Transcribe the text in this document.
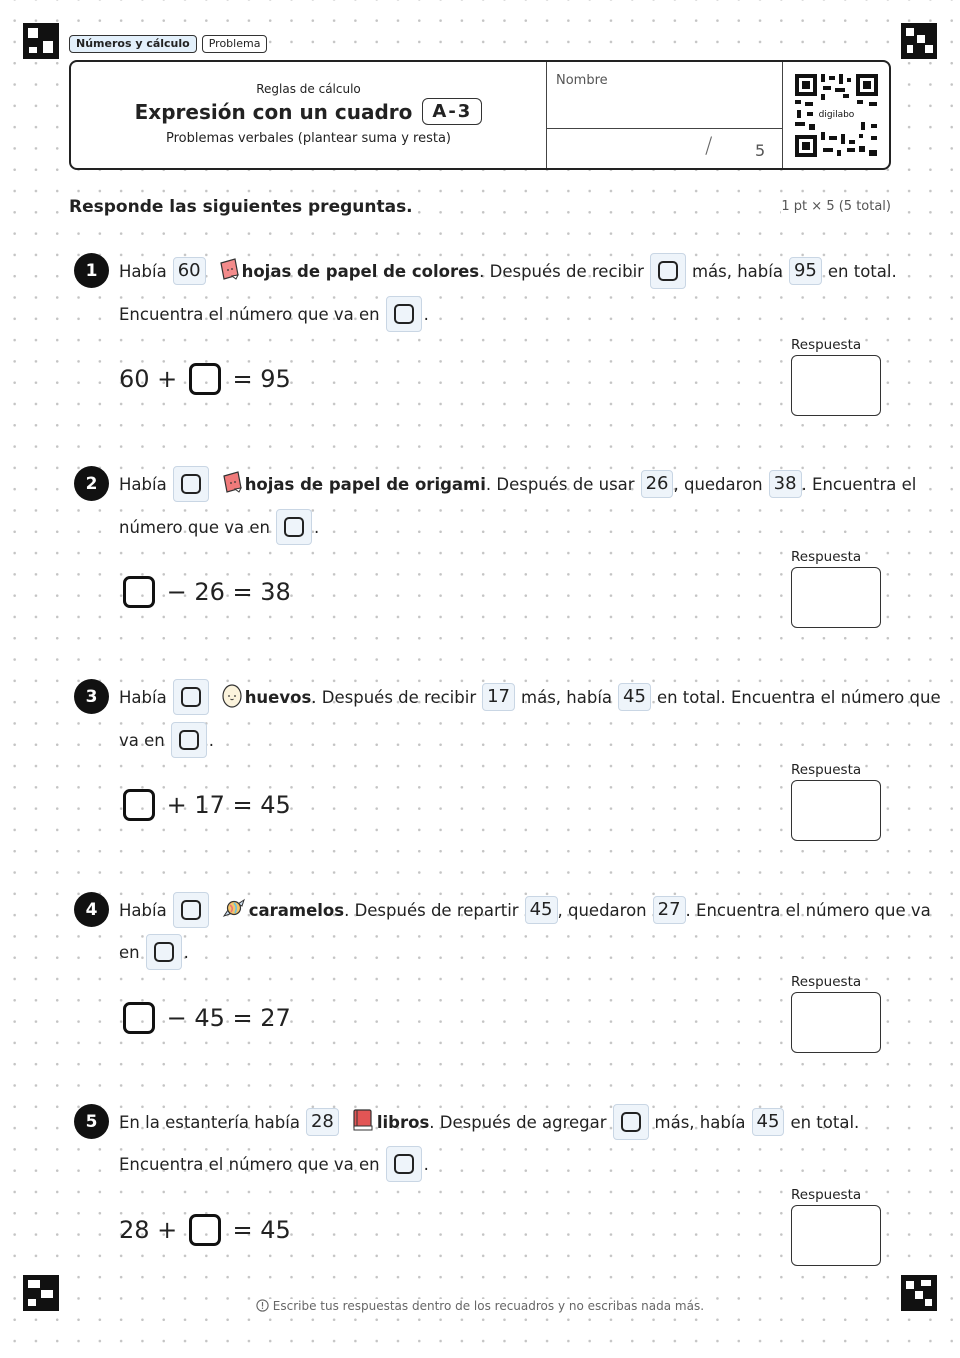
Números y cálculo	Problema
Reglas de cálculo
Expresión con un cuadro	A-3
Problemas verbales (plantear suma y resta)
Nombre
/	5
digilabo
Responde las siguientes preguntas.	1 pt × 5 (5 total)
1	Había 60	hojas de papel de colores . Después de recibir	más, había 95 en total.
Encuentra el número que va en	.
60 + = 95
Respuesta
2	Había	hojas de papel de origami . Después de usar 26 , quedaron 38 . Encuentra el
número que va en	.
− 26 = 38
Respuesta
3	Había	huevos . Después de recibir 17 más, había 45 en total. Encuentra el número que
va en	.
+ 17 = 45
Respuesta
4	Había	caramelos . Después de repartir 45 , quedaron 27 . Encuentra el número que va
en	.
− 45 = 27
Respuesta
5	En la estantería había 28	libros . Después de agregar	más, había 45 en total.
Encuentra el número que va en	.
28 + = 45
Respuesta
Escribe tus respuestas dentro de los recuadros y no escribas nada más.
